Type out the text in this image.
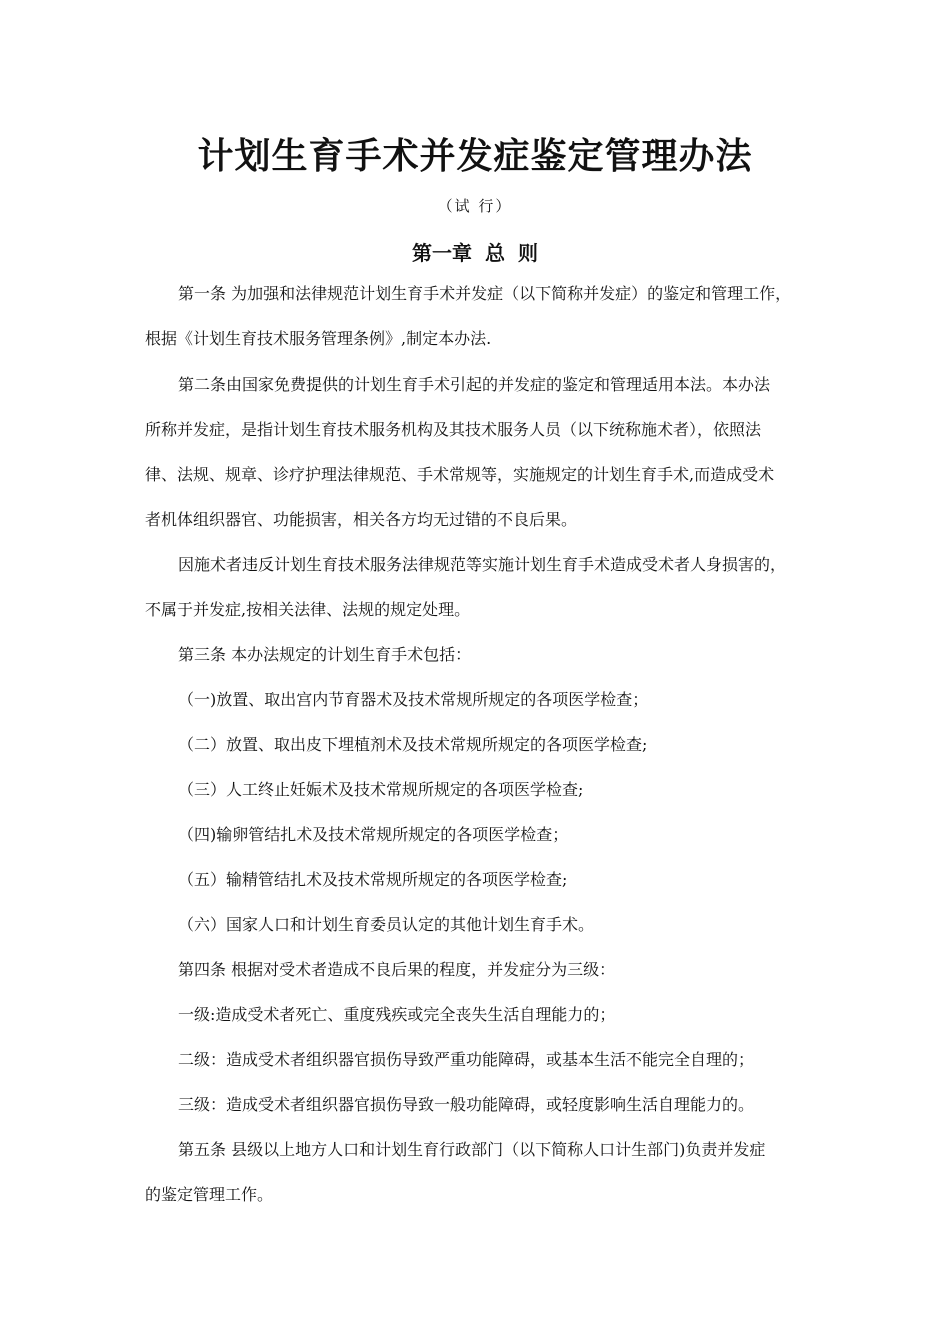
计划生育手术并发症鉴定管理办法
（试 行）
第一章 总 则
第一条 为加强和法律规范计划生育手术并发症（以下简称并发症）的鉴定和管理工作，
根据《计划生育技术服务管理条例》,制定本办法.
第二条由国家免费提供的计划生育手术引起的并发症的鉴定和管理适用本法。本办法
所称并发症，是指计划生育技术服务机构及其技术服务人员（以下统称施术者），依照法
律、法规、规章、诊疗护理法律规范、手术常规等，实施规定的计划生育手术,而造成受术
者机体组织器官、功能损害，相关各方均无过错的不良后果。
因施术者违反计划生育技术服务法律规范等实施计划生育手术造成受术者人身损害的，
不属于并发症,按相关法律、法规的规定处理。
第三条 本办法规定的计划生育手术包括：
（一)放置、取出宫内节育器术及技术常规所规定的各项医学检查；
（二）放置、取出皮下埋植剂术及技术常规所规定的各项医学检查;
（三）人工终止妊娠术及技术常规所规定的各项医学检查;
（四)输卵管结扎术及技术常规所规定的各项医学检查；
（五）输精管结扎术及技术常规所规定的各项医学检查;
（六）国家人口和计划生育委员认定的其他计划生育手术。
第四条 根据对受术者造成不良后果的程度，并发症分为三级：
一级:造成受术者死亡、重度残疾或完全丧失生活自理能力的；
二级：造成受术者组织器官损伤导致严重功能障碍，或基本生活不能完全自理的；
三级：造成受术者组织器官损伤导致一般功能障碍，或轻度影响生活自理能力的。
第五条 县级以上地方人口和计划生育行政部门（以下简称人口计生部门)负责并发症
的鉴定管理工作。
